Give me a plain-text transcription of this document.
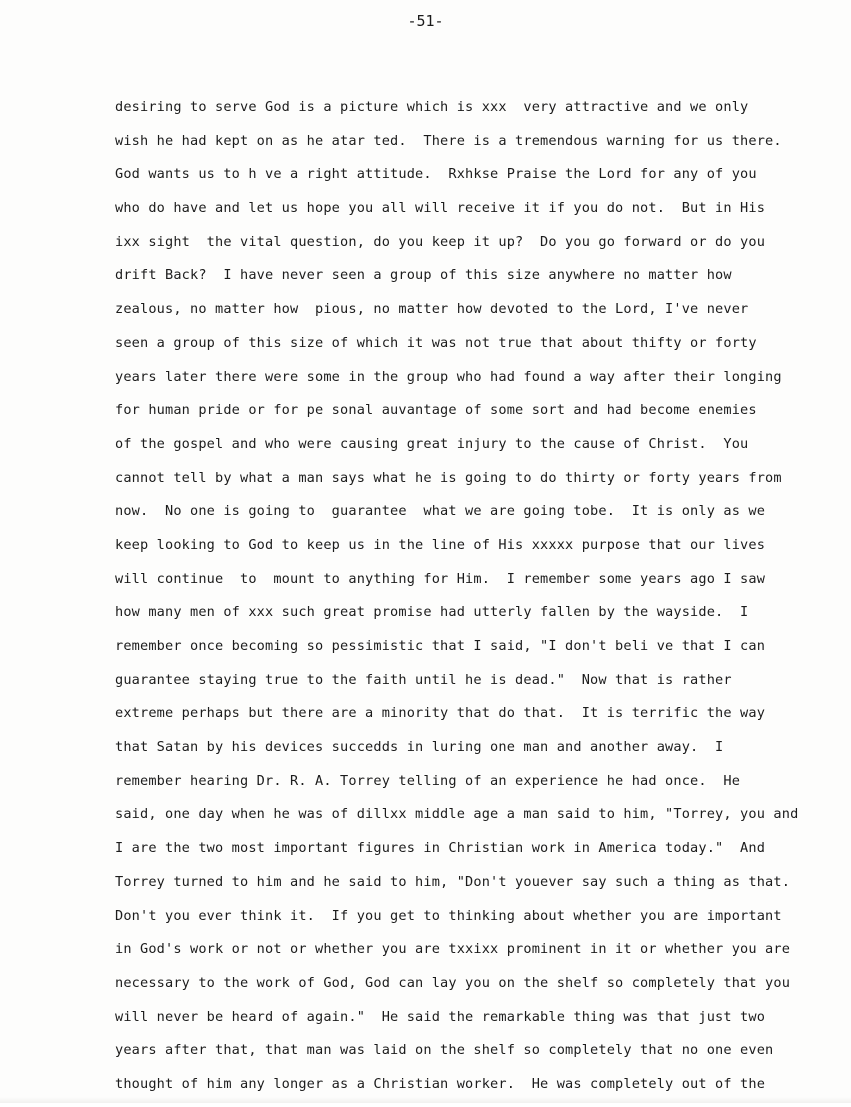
-51-
desiring to serve God is a picture which is xxx  very attractive and we only
wish he had kept on as he atar ted.  There is a tremendous warning for us there.
God wants us to h ve a right attitude.  Rxhkse Praise the Lord for any of you
who do have and let us hope you all will receive it if you do not.  But in His
ixx sight  the vital question, do you keep it up?  Do you go forward or do you
drift Back?  I have never seen a group of this size anywhere no matter how
zealous, no matter how  pious, no matter how devoted to the Lord, I've never
seen a group of this size of which it was not true that about thifty or forty
years later there were some in the group who had found a way after their longing
for human pride or for pe sonal auvantage of some sort and had become enemies
of the gospel and who were causing great injury to the cause of Christ.  You
cannot tell by what a man says what he is going to do thirty or forty years from
now.  No one is going to  guarantee  what we are going tobe.  It is only as we
keep looking to God to keep us in the line of His xxxxx purpose that our lives
will continue  to  mount to anything for Him.  I remember some years ago I saw
how many men of xxx such great promise had utterly fallen by the wayside.  I
remember once becoming so pessimistic that I said, "I don't beli ve that I can
guarantee staying true to the faith until he is dead."  Now that is rather
extreme perhaps but there are a minority that do that.  It is terrific the way
that Satan by his devices succedds in luring one man and another away.  I
remember hearing Dr. R. A. Torrey telling of an experience he had once.  He
said, one day when he was of dillxx middle age a man said to him, "Torrey, you and
I are the two most important figures in Christian work in America today."  And
Torrey turned to him and he said to him, "Don't youever say such a thing as that.
Don't you ever think it.  If you get to thinking about whether you are important
in God's work or not or whether you are txxixx prominent in it or whether you are
necessary to the work of God, God can lay you on the shelf so completely that you
will never be heard of again."  He said the remarkable thing was that just two
years after that, that man was laid on the shelf so completely that no one even
thought of him any longer as a Christian worker.  He was completely out of the
